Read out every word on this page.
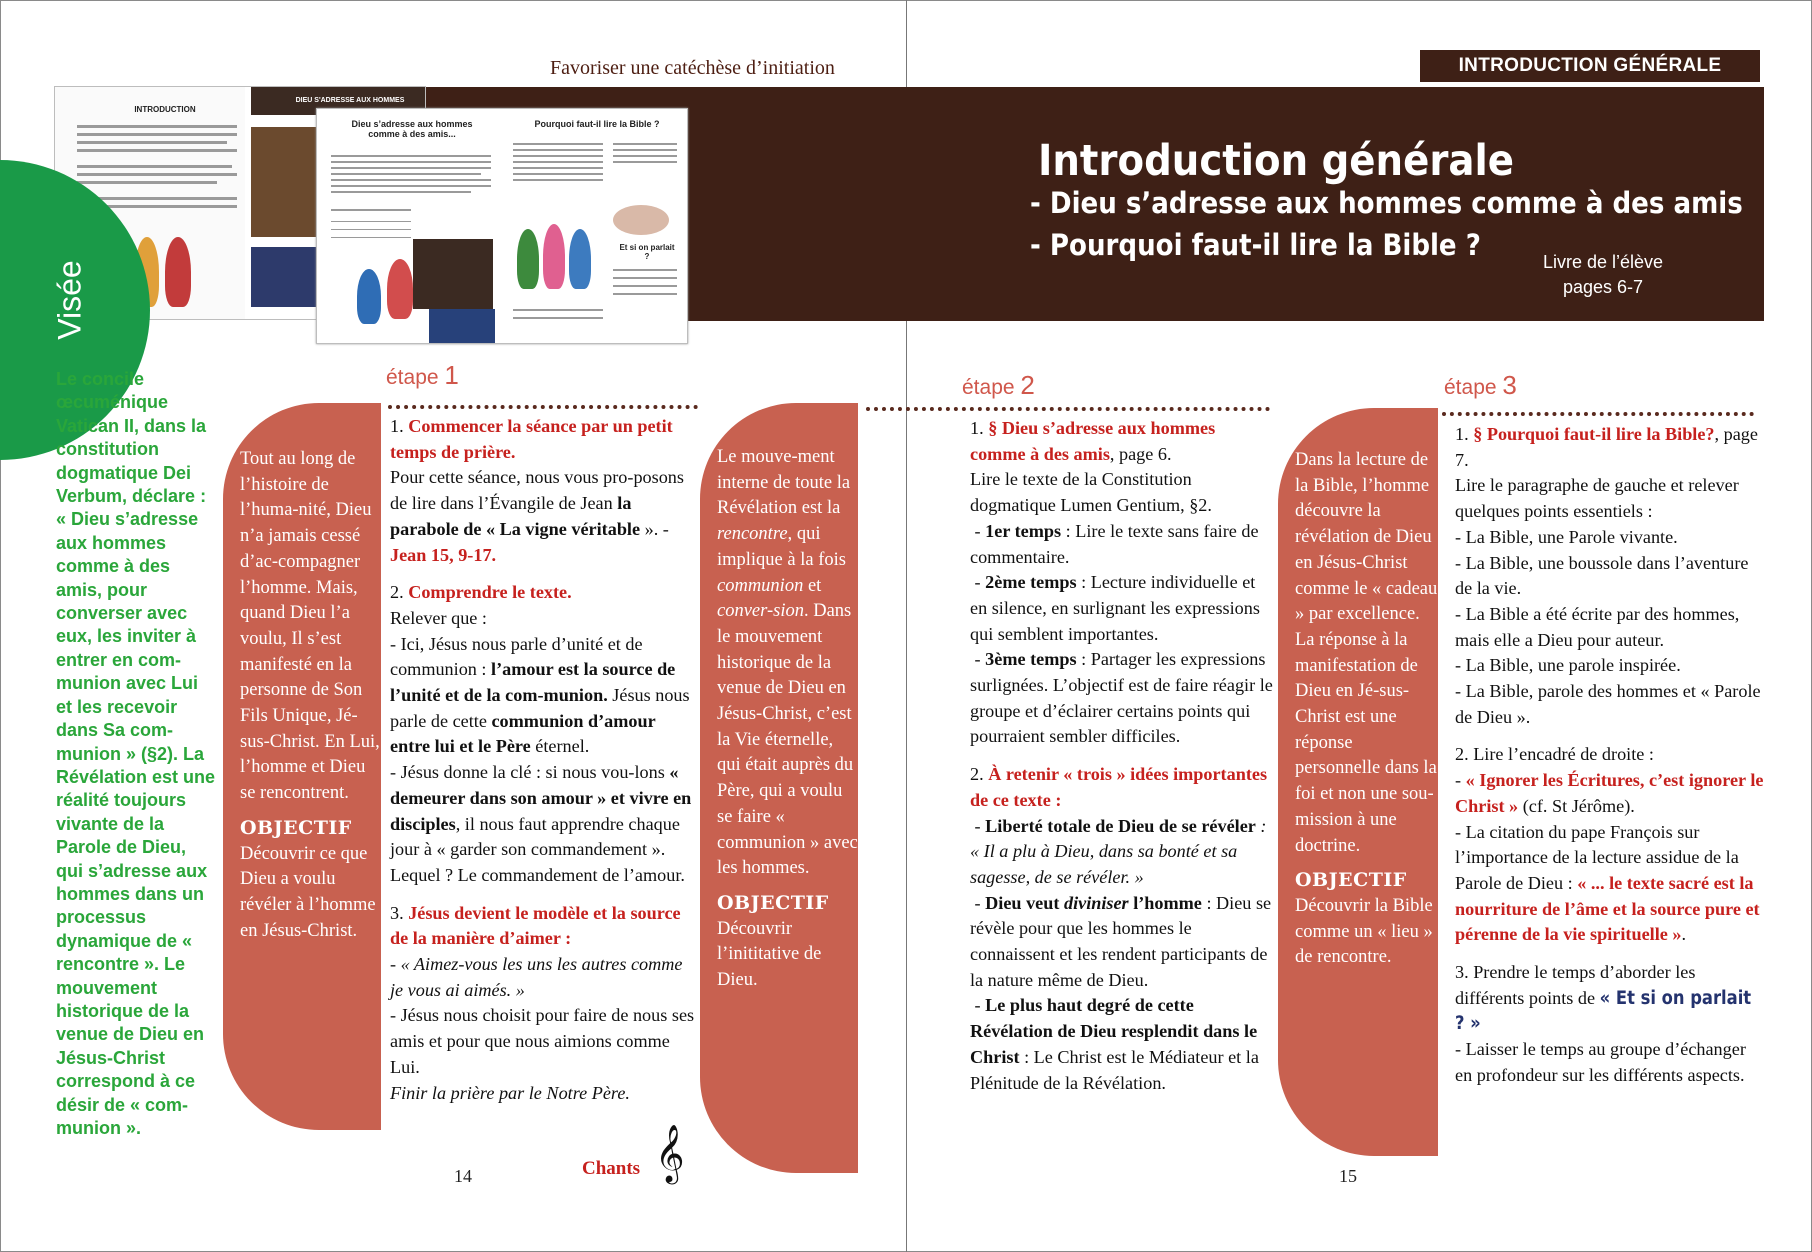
Favoriser une catéchèse d’initiation	INTRODUCTION GÉNÉRALE
INTRODUCTION
DIEU S'ADRESSE AUX HOMMES
Dieu s’adresse aux hommes comme à des amis...
Pourquoi faut-il lire la Bible ?
Et si on parlait ?
Introduction générale
- Dieu s’adresse aux hommes comme à des amis
- Pourquoi faut-il lire la Bible ?	Livre de l’élève
pages 6-7
Visée
Le concile œcuménique Vatican II, dans la constitution dogmatique Dei Verbum, déclare : « Dieu s’adresse aux hommes comme à des amis, pour converser avec eux, les inviter à entrer en com-munion avec Lui et les recevoir dans Sa com-munion » (§2). La Révélation est une réalité toujours vivante de la Parole de Dieu, qui s’adresse aux hommes dans un processus dynamique de « rencontre ». Le mouvement historique de la venue de Dieu en Jésus-Christ correspond à ce désir de « com-munion ».
étape 1	étape 2	étape 3
Tout au long de l’histoire de l’huma-nité, Dieu n’a jamais cessé d’ac-compagner l’homme. Mais, quand Dieu l’a voulu, Il s’est manifesté en la personne de Son Fils Unique, Jé-sus-Christ. En Lui, l’homme et Dieu se rencontrent.
OBJECTIF
Découvrir ce que Dieu a voulu révéler à l’homme en Jésus-Christ.
Le mouve-ment interne de toute la Révélation est la rencontre, qui implique à la fois communion et conver-sion. Dans le mouvement historique de la venue de Dieu en Jésus-Christ, c’est la Vie éternelle, qui était auprès du Père, qui a voulu se faire « communion » avec les hommes.
OBJECTIF
Découvrir l’inititative de Dieu.
Dans la lecture de la Bible, l’homme découvre la révélation de Dieu en Jésus-Christ comme le « cadeau » par excellence. La réponse à la manifestation de Dieu en Jé-sus-Christ est une réponse personnelle dans la foi et non une sou-mission à une doctrine.
OBJECTIF
Découvrir la Bible comme un « lieu » de rencontre.

1. Commencer la séance par un petit temps de prière.
Pour cette séance, nous vous pro-posons de lire dans l’Évangile de Jean la parabole de « La vigne véritable ». - Jean 15, 9-17.

2. Comprendre le texte.
Relever que :
- Ici, Jésus nous parle d’unité et de communion : l’amour est la source de l’unité et de la com-munion. Jésus nous parle de cette communion d’amour entre lui et le Père éternel.
- Jésus donne la clé : si nous vou-lons « demeurer dans son amour » et vivre en disciples, il nous faut apprendre chaque jour à « garder son commandement ». Lequel ? Le commandement de l’amour.

3. Jésus devient le modèle et la source de la manière d’aimer :
- « Aimez-vous les uns les autres comme je vous ai aimés. »
- Jésus nous choisit pour faire de nous ses amis et pour que nous aimions comme Lui.
Finir la prière par le Notre Père.

14	Chants 𝄞

1. § Dieu s’adresse aux hommes comme à des amis, page 6.
Lire le texte de la Constitution dogmatique Lumen Gentium, §2.
- 1er temps : Lire le texte sans faire de commentaire.
- 2ème temps : Lecture individuelle et en silence, en surlignant les expressions qui semblent importantes.
- 3ème temps : Partager les expressions surlignées. L’objectif est de faire réagir le groupe et d’éclairer certains points qui pourraient sembler difficiles.

2. À retenir « trois » idées importantes de ce texte :
- Liberté totale de Dieu de se révéler : « Il a plu à Dieu, dans sa bonté et sa sagesse, de se révéler. »
- Dieu veut diviniser l’homme : Dieu se révèle pour que les hommes le connaissent et les rendent participants de la nature même de Dieu.
- Le plus haut degré de cette Révélation de Dieu resplendit dans le Christ : Le Christ est le Médiateur et la Plénitude de la Révélation.

15

1. § Pourquoi faut-il lire la Bible?, page 7.
Lire le paragraphe de gauche et relever quelques points essentiels :
- La Bible, une Parole vivante.
- La Bible, une boussole dans l’aventure de la vie.
- La Bible a été écrite par des hommes, mais elle a Dieu pour auteur.
- La Bible, une parole inspirée.
- La Bible, parole des hommes et « Parole de Dieu ».

2. Lire l’encadré de droite :
- « Ignorer les Écritures, c’est ignorer le Christ » (cf. St Jérôme).
- La citation du pape François sur l’importance de la lecture assidue de la Parole de Dieu : « ... le texte sacré est la nourriture de l’âme et la source pure et pérenne de la vie spirituelle ».

3. Prendre le temps d’aborder les différents points de « Et si on parlait ? »
- Laisser le temps au groupe d’échanger en profondeur sur les différents aspects.
